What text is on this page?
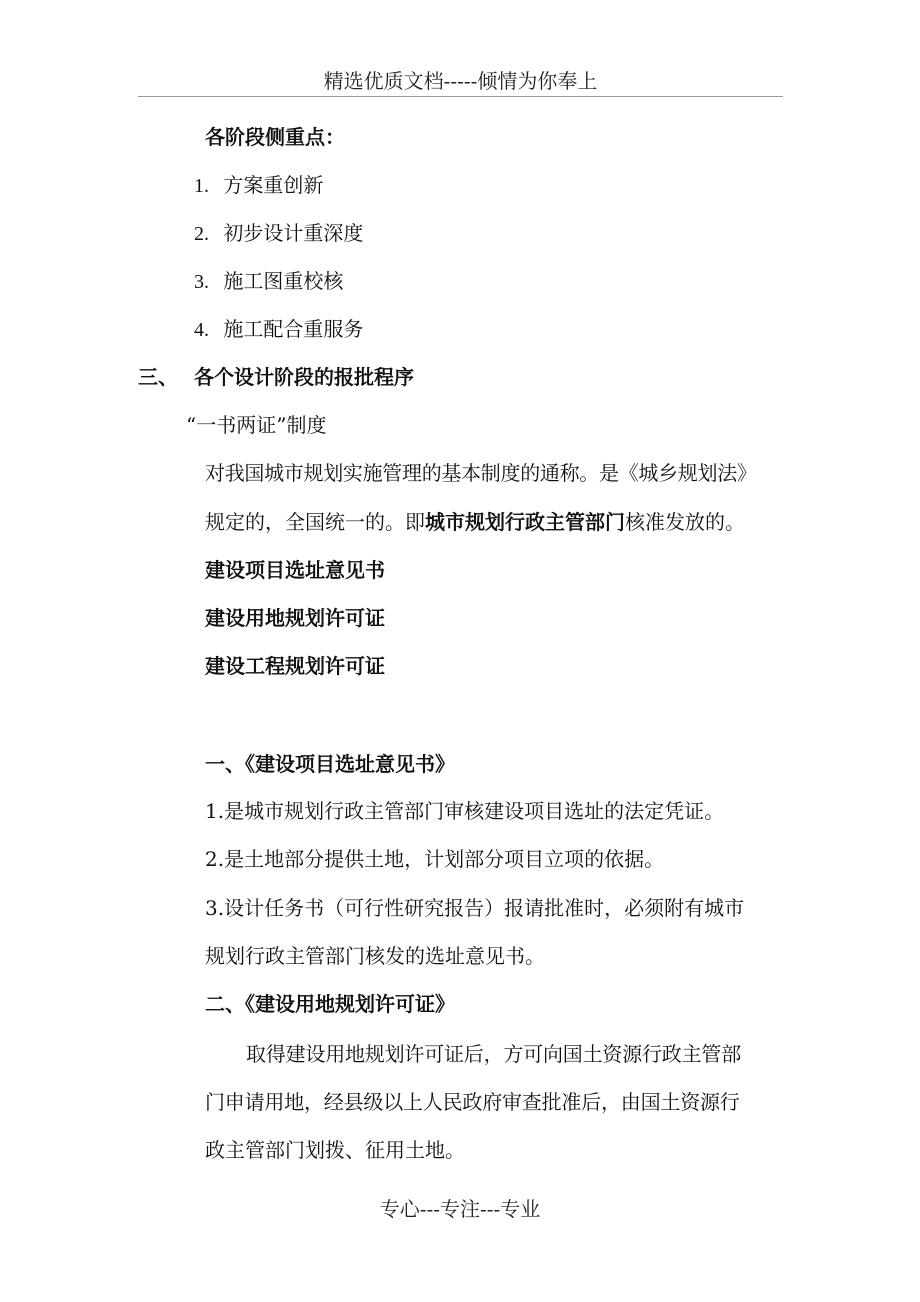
精选优质文档-----倾情为你奉上
各阶段侧重点：
1. 方案重创新
2. 初步设计重深度
3. 施工图重校核
4. 施工配合重服务
三、 各个设计阶段的报批程序
“一书两证”制度
对我国城市规划实施管理的基本制度的通称。是《城乡规划法》
规定的，全国统一的。即城市规划行政主管部门核准发放的。
建设项目选址意见书
建设用地规划许可证
建设工程规划许可证
一、《建设项目选址意见书》
1.是城市规划行政主管部门审核建设项目选址的法定凭证。
2.是土地部分提供土地，计划部分项目立项的依据。
3.设计任务书（可行性研究报告）报请批准时，必须附有城市
规划行政主管部门核发的选址意见书。
二、《建设用地规划许可证》
取得建设用地规划许可证后，方可向国土资源行政主管部
门申请用地，经县级以上人民政府审查批准后，由国土资源行
政主管部门划拨、征用土地。
专心---专注---专业
